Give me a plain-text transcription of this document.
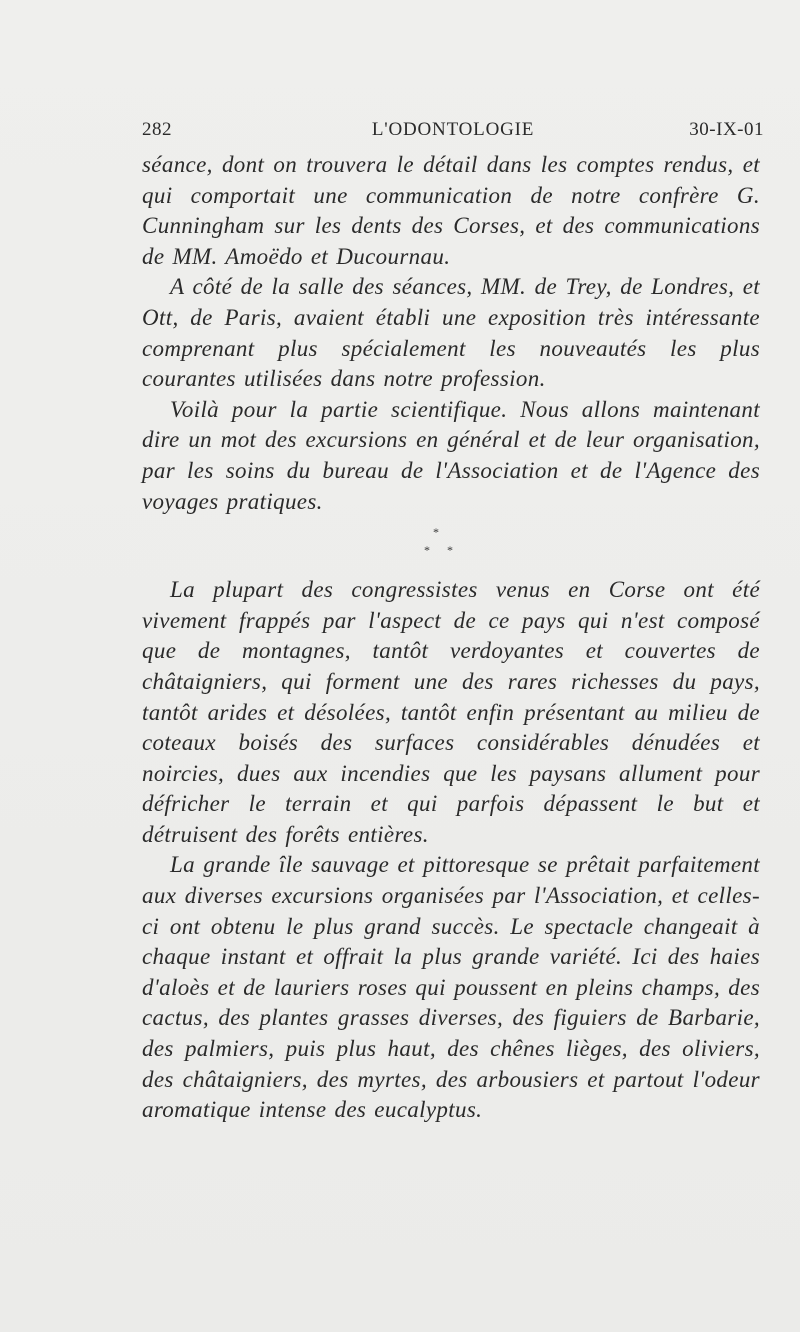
282	L'ODONTOLOGIE	30-IX-01

séance, dont on trouvera le détail dans les comptes rendus, et qui comportait une communication de notre confrère G. Cunningham sur les dents des Corses, et des communications de MM. Amoëdo et Ducournau.

A côté de la salle des séances, MM. de Trey, de Londres, et Ott, de Paris, avaient établi une exposition très intéressante comprenant plus spécialement les nouveautés les plus courantes utilisées dans notre profession.

Voilà pour la partie scientifique. Nous allons maintenant dire un mot des excursions en général et de leur organisation, par les soins du bureau de l'Association et de l'Agence des voyages pratiques.

*
* *

La plupart des congressistes venus en Corse ont été vivement frappés par l'aspect de ce pays qui n'est composé que de montagnes, tantôt verdoyantes et couvertes de châtaigniers, qui forment une des rares richesses du pays, tantôt arides et désolées, tantôt enfin présentant au milieu de coteaux boisés des surfaces considérables dénudées et noircies, dues aux incendies que les paysans allument pour défricher le terrain et qui parfois dépassent le but et détruisent des forêts entières.

La grande île sauvage et pittoresque se prêtait parfaitement aux diverses excursions organisées par l'Association, et celles-ci ont obtenu le plus grand succès. Le spectacle changeait à chaque instant et offrait la plus grande variété. Ici des haies d'aloès et de lauriers roses qui poussent en pleins champs, des cactus, des plantes grasses diverses, des figuiers de Barbarie, des palmiers, puis plus haut, des chênes lièges, des oliviers, des châtaigniers, des myrtes, des arbousiers et partout l'odeur aromatique intense des eucalyptus.
